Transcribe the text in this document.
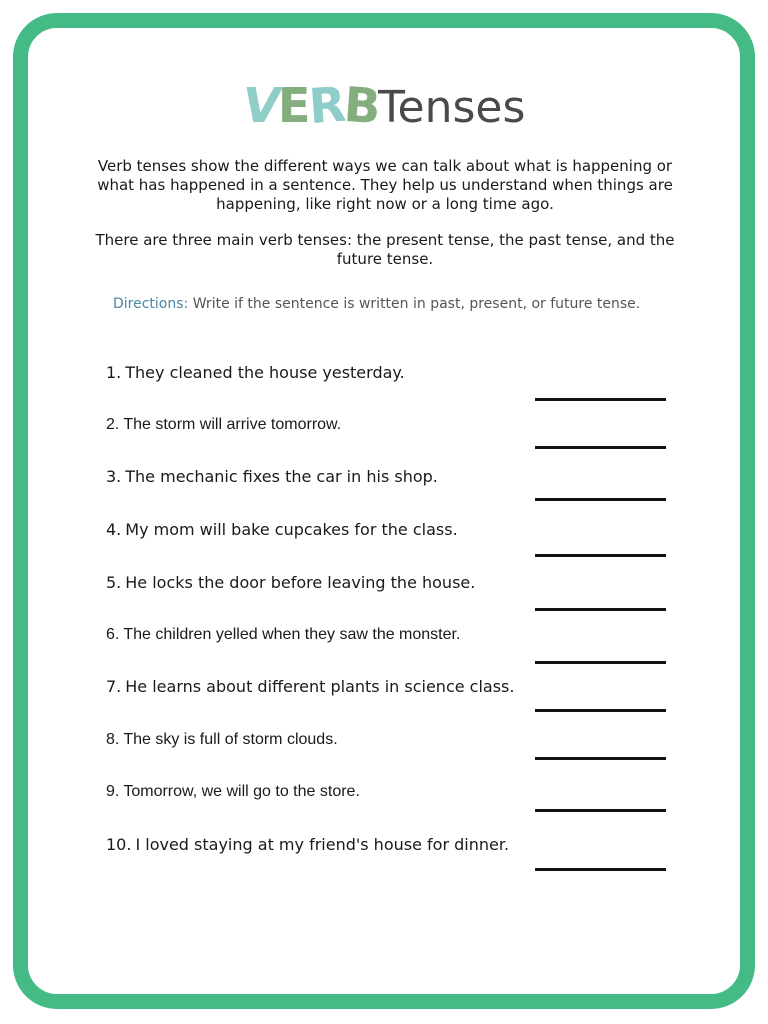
VERBTenses

Verb tenses show the different ways we can talk about what is happening or what has happened in a sentence. They help us understand when things are happening, like right now or a long time ago.

There are three main verb tenses: the present tense, the past tense, and the future tense.

Directions: Write if the sentence is written in past, present, or future tense.
1. They cleaned the house yesterday.
2. The storm will arrive tomorrow.
3. The mechanic fixes the car in his shop.
4. My mom will bake cupcakes for the class.
5. He locks the door before leaving the house.
6. The children yelled when they saw the monster.
7. He learns about different plants in science class.
8. The sky is full of storm clouds.
9. Tomorrow, we will go to the store.
10. I loved staying at my friend's house for dinner.
